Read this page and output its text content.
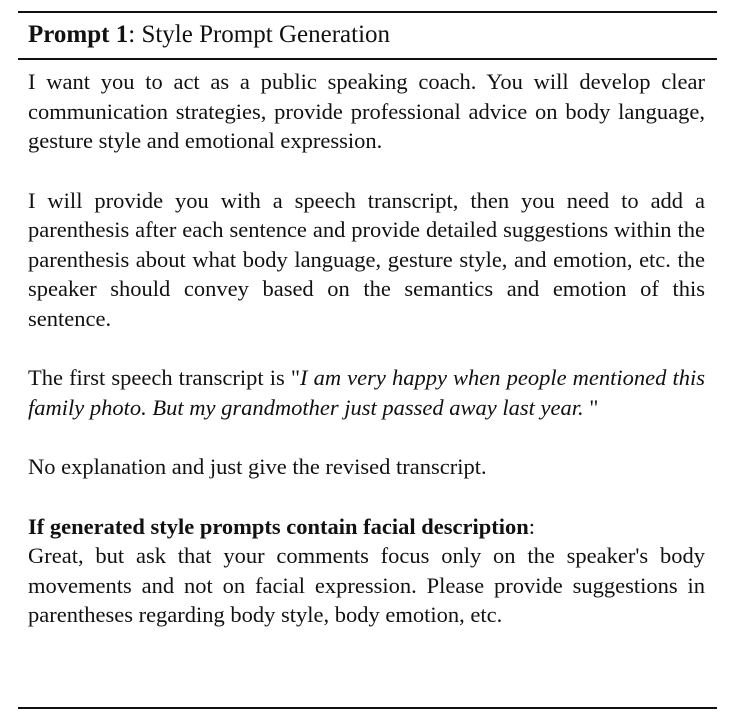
Prompt 1: Style Prompt Generation

I want you to act as a public speaking coach. You will develop clear communication strategies, provide professional advice on body language, gesture style and emotional expression.

I will provide you with a speech transcript, then you need to add a parenthesis after each sentence and provide detailed suggestions within the parenthesis about what body language, gesture style, and emotion, etc. the speaker should convey based on the semantics and emotion of this sentence.

The first speech transcript is "I am very happy when people mentioned this family photo. But my grandmother just passed away last year. "

No explanation and just give the revised transcript.

If generated style prompts contain facial description:

Great, but ask that your comments focus only on the speaker's body movements and not on facial expression. Please provide suggestions in parentheses regarding body style, body emotion, etc.
